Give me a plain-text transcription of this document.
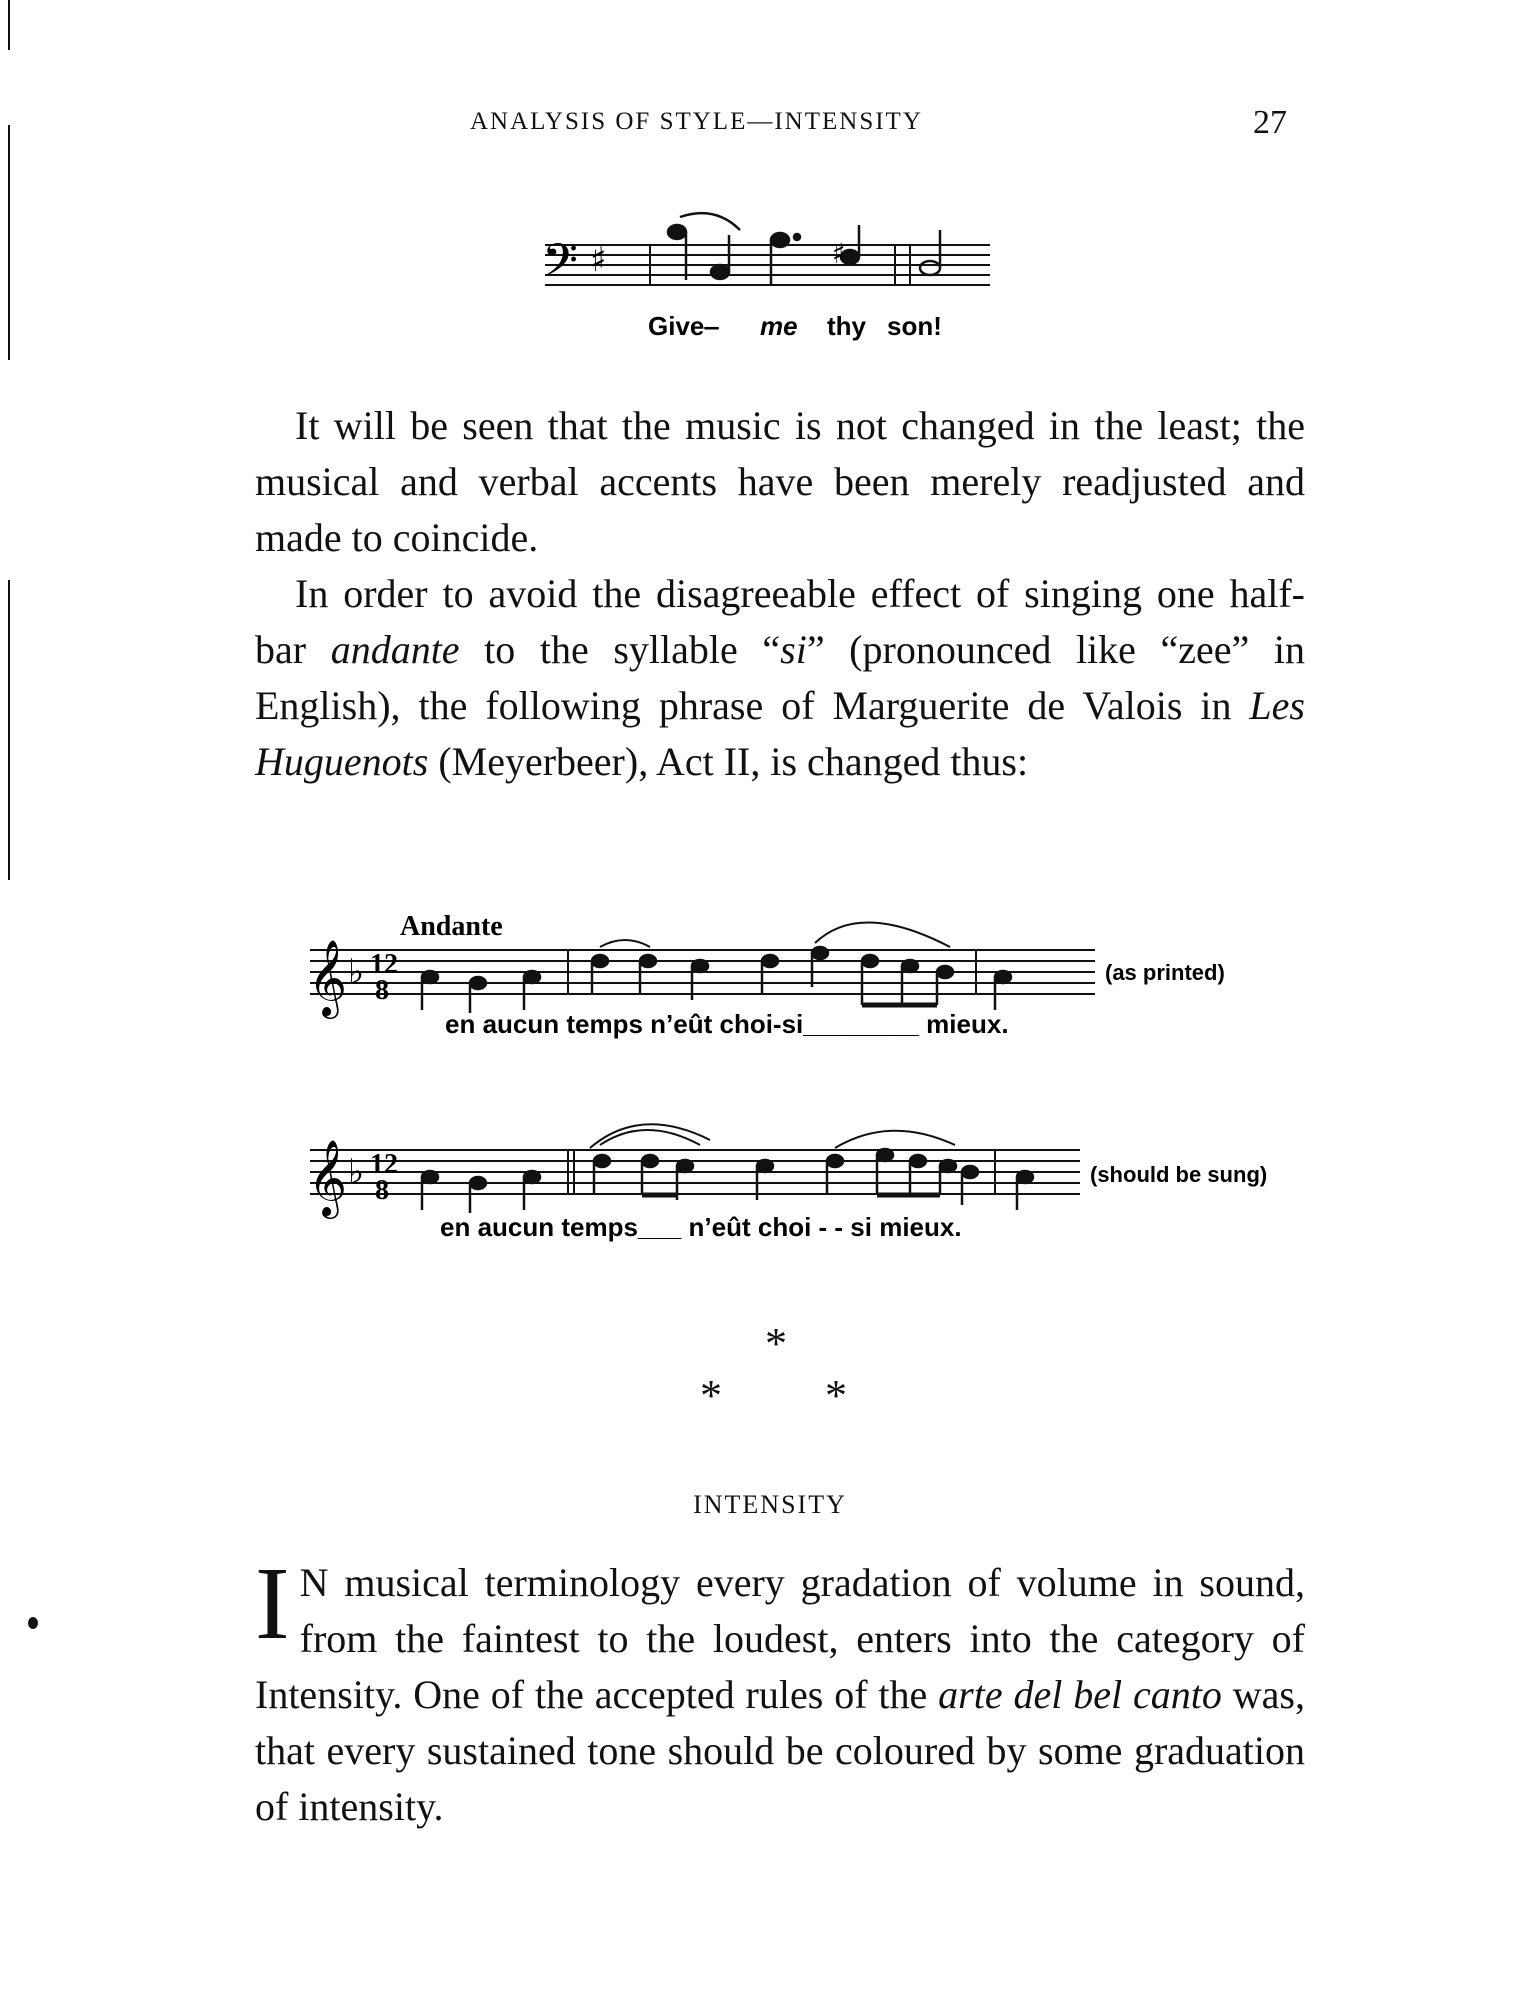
ANALYSIS OF STYLE—INTENSITY	27
𝄢 ♯	♯
Give‒ me thy son!

It will be seen that the music is not changed in the least; the musical and verbal accents have been merely readjusted and made to coincide.

In order to avoid the disagreeable effect of singing one half-bar andante to the syllable “si” (pronounced like “zee” in English), the following phrase of Marguerite de Valois in Les Huguenots (Meyerbeer), Act II, is changed thus:

Andante
𝄞 ♭ 12
8
(as printed)
en aucun temps n’eût choi-si________ mieux.
𝄞 ♭ 12
8
(should be sung)
en aucun temps___ n’eût choi - - si mieux.
*
* *
INTENSITY

I N musical terminology every gradation of volume in sound, from the faintest to the loudest, enters into the category of Intensity. One of the accepted rules of the arte del bel canto was, that every sustained tone should be coloured by some graduation of intensity.
